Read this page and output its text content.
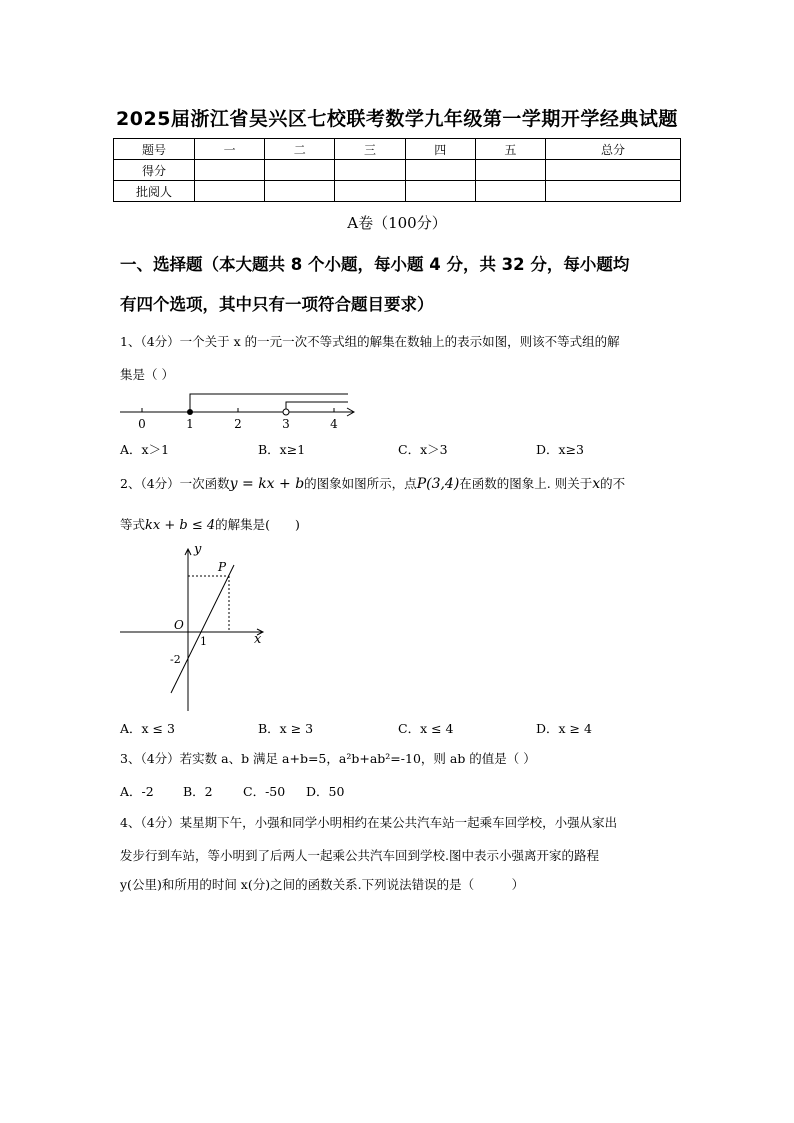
2025届浙江省吴兴区七校联考数学九年级第一学期开学经典试题
题号	一	二	三	四	五	总分
得分						
批阅人						
A卷（100分）
一、选择题（本大题共 8 个小题，每小题 4 分，共 32 分，每小题均
有四个选项，其中只有一项符合题目要求）
1、（4分）一个关于 x 的一元一次不等式组的解集在数轴上的表示如图，则该不等式组的解
集是（ ）
0	1	2	3	4
A．x＞1	B．x≥1	C．x＞3	D．x≥3
2、（4分）一次函数y = kx + b的图象如图所示，点P(3,4)在函数的图象上. 则关于x的不
等式kx + b ≤ 4的解集是(　　)
y
x
O
P
1
-2
A．x ≤ 3	B．x ≥ 3	C．x ≤ 4	D．x ≥ 4
3、（4分）若实数 a、b 满足 a+b=5，a²b+ab²=-10，则 ab 的值是（ ）
A．-2 B．2 C．-50 D．50
4、（4分）某星期下午，小强和同学小明相约在某公共汽车站一起乘车回学校，小强从家出
发步行到车站，等小明到了后两人一起乘公共汽车回到学校.图中表示小强离开家的路程
y(公里)和所用的时间 x(分)之间的函数关系.下列说法错误的是（　　　）
